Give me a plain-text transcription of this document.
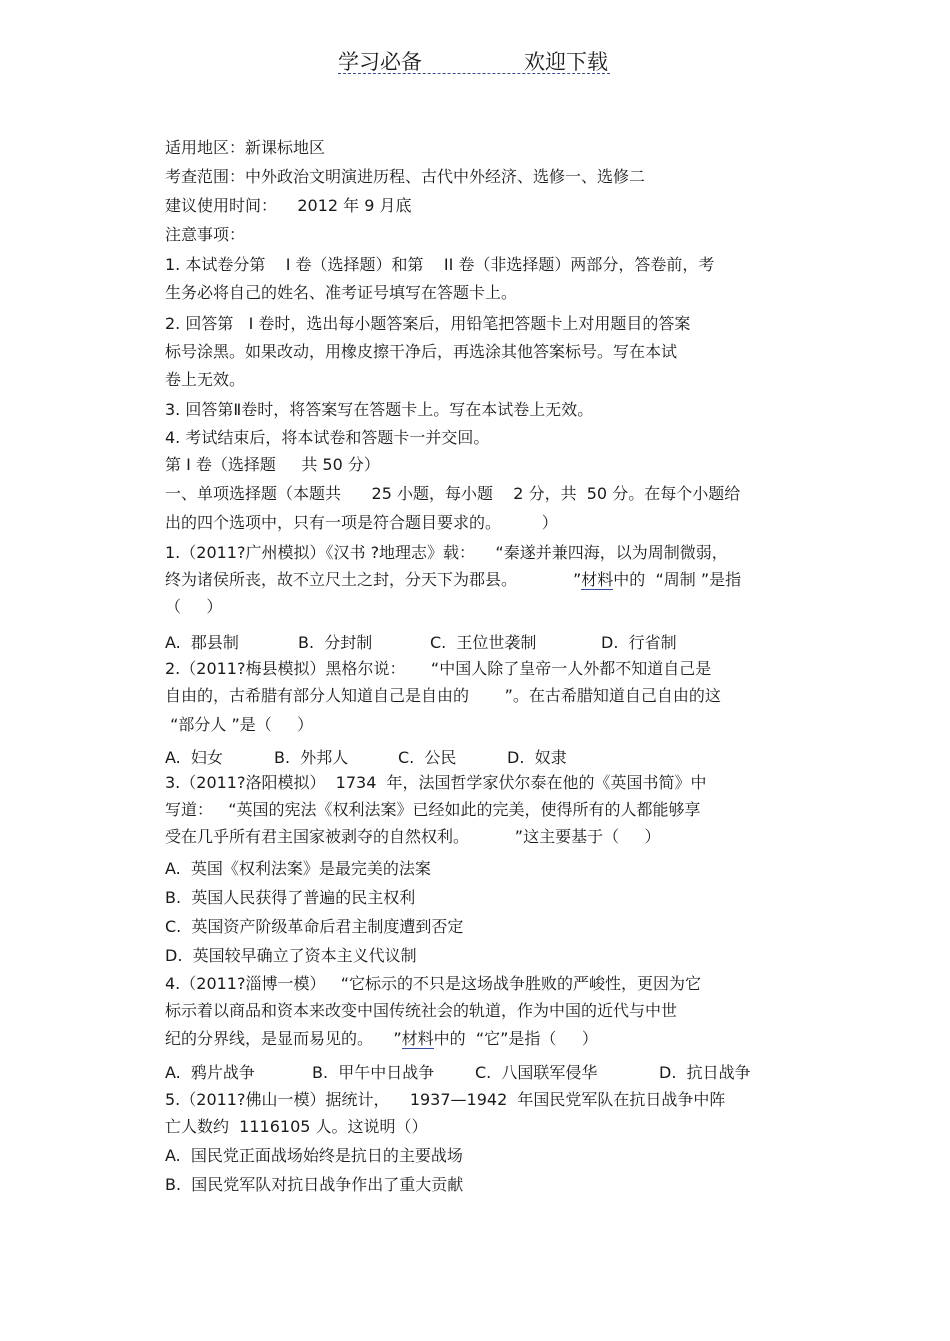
学习必备	欢迎下载
适用地区：新课标地区
考查范围：中外政治文明演进历程、古代中外经济、选修一、选修二
建议使用时间：    2012 年 9 月底
注意事项：
1. 本试卷分第    I 卷（选择题）和第    II 卷（非选择题）两部分，答卷前，考
生务必将自己的姓名、准考证号填写在答题卡上。
2. 回答第   I 卷时，选出每小题答案后，用铅笔把答题卡上对用题目的答案
标号涂黑。如果改动，用橡皮擦干净后，再选涂其他答案标号。写在本试
卷上无效。
3. 回答第Ⅱ卷时，将答案写在答题卡上。写在本试卷上无效。
4. 考试结束后，将本试卷和答题卡一并交回。
第 I 卷（选择题     共 50 分）
一、单项选择题（本题共      25 小题，每小题    2 分，共  50 分。在每个小题给
出的四个选项中，只有一项是符合题目要求的。        ）
1.（2011?广州模拟）《汉书 ?地理志》载：    “秦遂并兼四海，以为周制微弱，
终为诸侯所丧，故不立尺土之封，分天下为郡县。           ”材料中的  “周制 ”是指
（     ）
A.  郡县制	B.  分封制	C.  王位世袭制	D.  行省制
2.（2011?梅县模拟）黑格尔说：     “中国人除了皇帝一人外都不知道自己是
自由的，古希腊有部分人知道自己是自由的       ”。在古希腊知道自己自由的这
“部分人 ”是（     ）
A.  妇女	B.  外邦人	C.  公民	D.  奴隶
3.（2011?洛阳模拟）  1734  年，法国哲学家伏尔泰在他的《英国书简》中
写道：   “英国的宪法《权利法案》已经如此的完美，使得所有的人都能够享
受在几乎所有君主国家被剥夺的自然权利。         ”这主要基于（     ）
A.  英国《权利法案》是最完美的法案
B.  英国人民获得了普遍的民主权利
C.  英国资产阶级革命后君主制度遭到否定
D.  英国较早确立了资本主义代议制
4.（2011?淄博一模）   “它标示的不只是这场战争胜败的严峻性，更因为它
标示着以商品和资本来改变中国传统社会的轨道，作为中国的近代与中世
纪的分界线，是显而易见的。    ”材料中的  “它”是指（     ）
A.  鸦片战争	B.  甲午中日战争	C.  八国联军侵华	D.  抗日战争
5.（2011?佛山一模）据统计，    1937—1942  年国民党军队在抗日战争中阵
亡人数约  1116105 人。这说明（）
A.  国民党正面战场始终是抗日的主要战场
B.  国民党军队对抗日战争作出了重大贡献
